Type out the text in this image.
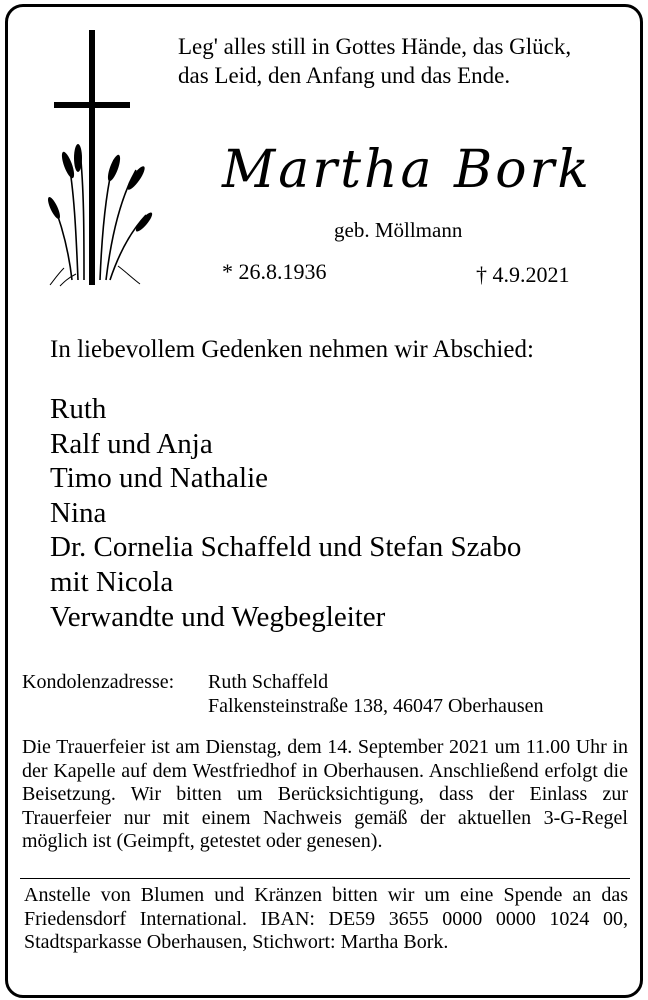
Leg' alles still in Gottes Hände, das Glück,
das Leid, den Anfang und das Ende.
Martha Bork
geb. Möllmann
* 26.8.1936	† 4.9.2021
In liebevollem Gedenken nehmen wir Abschied:
Ruth
Ralf und Anja
Timo und Nathalie
Nina
Dr. Cornelia Schaffeld und Stefan Szabo
mit Nicola
Verwandte und Wegbegleiter
Kondolenzadresse: Ruth Schaffeld
Falkensteinstraße 138, 46047 Oberhausen
Die Trauerfeier ist am Dienstag, dem 14. September 2021 um 11.00 Uhr in der Kapelle auf dem Westfriedhof in Oberhausen. Anschließend erfolgt die Beisetzung. Wir bitten um Berücksichtigung, dass der Einlass zur Trauerfeier nur mit einem Nachweis gemäß der aktuellen 3-G-Regel möglich ist (Geimpft, getestet oder genesen).
Anstelle von Blumen und Kränzen bitten wir um eine Spende an das Friedensdorf International. IBAN: DE59 3655 0000 0000 1024 00, Stadtsparkasse Oberhausen, Stichwort: Martha Bork.
